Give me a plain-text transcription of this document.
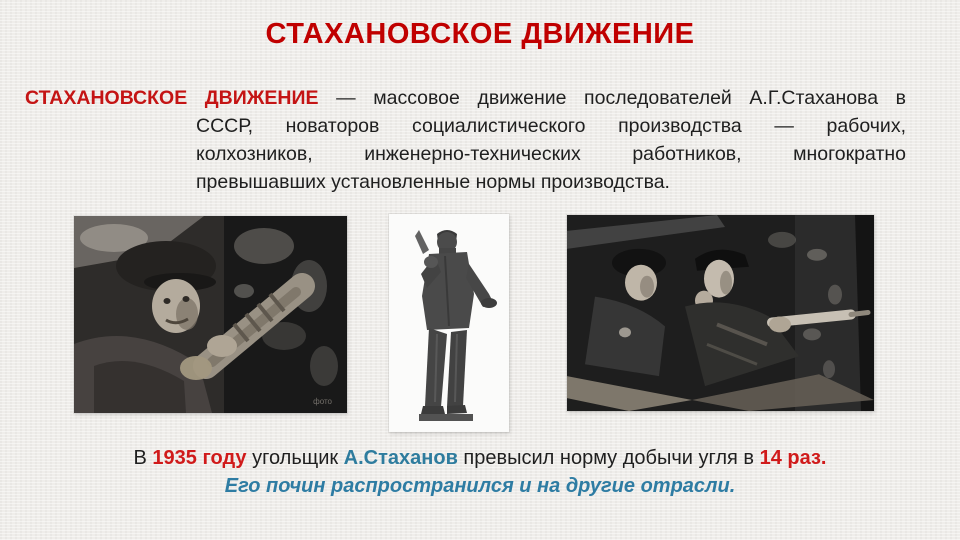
СТАХАНОВСКОЕ ДВИЖЕНИЕ
СТАХАНОВСКОЕ ДВИЖЕНИЕ — массовое движение последователей А.Г.Стаханова в
СССР, новаторов социалистического производства — рабочих,
колхозников, инженерно-технических работников, многократно
превышавших установленные нормы производства.
фото
В 1935 году угольщик А.Стаханов превысил норму добычи угля в 14 раз.
Его почин распространился и на другие отрасли.
